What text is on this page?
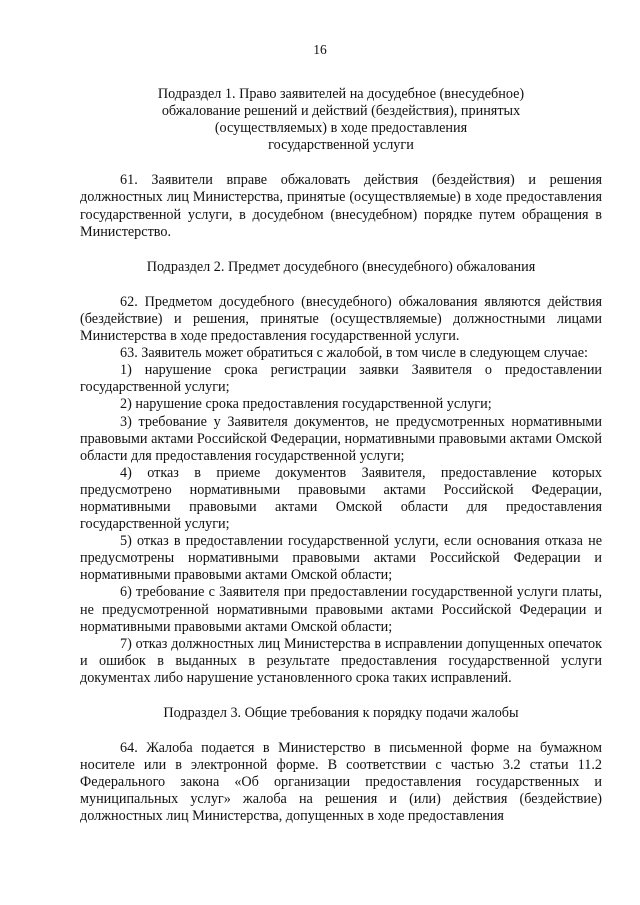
16
Подраздел 1. Право заявителей на досудебное (внесудебное)
обжалование решений и действий (бездействия), принятых
(осуществляемых) в ходе предоставления
государственной услуги

61. Заявители вправе обжаловать действия (бездействия) и решения должностных лиц Министерства, принятые (осуществляемые) в ходе предоставления государственной услуги, в досудебном (внесудебном) порядке путем обращения в Министерство.

Подраздел 2. Предмет досудебного (внесудебного) обжалования

62. Предметом досудебного (внесудебного) обжалования являются действия (бездействие) и решения, принятые (осуществляемые) должностными лицами Министерства в ходе предоставления государственной услуги.

63. Заявитель может обратиться с жалобой, в том числе в следующем случае:

1) нарушение срока регистрации заявки Заявителя о предоставлении государственной услуги;

2) нарушение срока предоставления государственной услуги;

3) требование у Заявителя документов, не предусмотренных нормативными правовыми актами Российской Федерации, нормативными правовыми актами Омской области для предоставления государственной услуги;

4) отказ в приеме документов Заявителя, предоставление которых предусмотрено нормативными правовыми актами Российской Федерации, нормативными правовыми актами Омской области для предоставления государственной услуги;

5) отказ в предоставлении государственной услуги, если основания отказа не предусмотрены нормативными правовыми актами Российской Федерации и нормативными правовыми актами Омской области;

6) требование с Заявителя при предоставлении государственной услуги платы, не предусмотренной нормативными правовыми актами Российской Федерации и нормативными правовыми актами Омской области;

7) отказ должностных лиц Министерства в исправлении допущенных опечаток и ошибок в выданных в результате предоставления государственной услуги документах либо нарушение установленного срока таких исправлений.

Подраздел 3. Общие требования к порядку подачи жалобы

64. Жалоба подается в Министерство в письменной форме на бумажном носителе или в электронной форме. В соответствии с частью 3.2 статьи 11.2 Федерального закона «Об организации предоставления государственных и муниципальных услуг» жалоба на решения и (или) действия (бездействие) должностных лиц Министерства, допущенных в ходе предоставления
